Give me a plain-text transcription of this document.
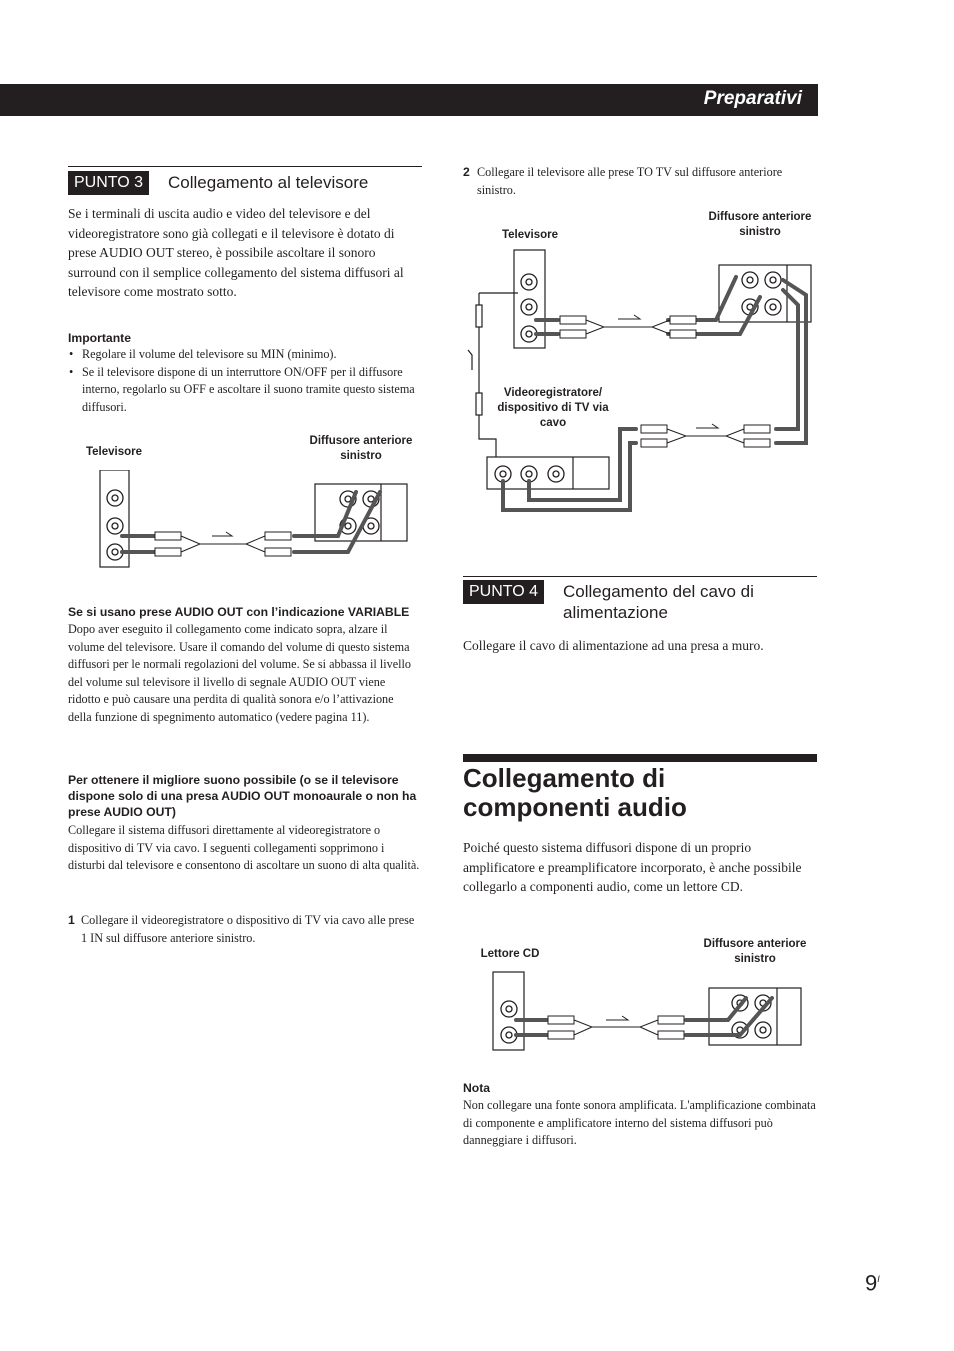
Preparativi
PUNTO 3	Collegamento al televisore
Se i terminali di uscita audio e video del televisore e del videoregistratore sono già collegati e il televisore è dotato di prese AUDIO OUT stereo, è possibile ascoltare il sonoro surround con il semplice collegamento del sistema diffusori al televisore come mostrato sotto.
Importante
• Regolare il volume del televisore su MIN (minimo).
• Se il televisore dispone di un interruttore ON/OFF per il diffusore interno, regolarlo su OFF e ascoltare il suono tramite questo sistema diffusori.
Televisore
Diffusore anteriore sinistro
Se si usano prese AUDIO OUT con l’indicazione VARIABLE
Dopo aver eseguito il collegamento come indicato sopra, alzare il volume del televisore. Usare il comando del volume di questo sistema diffusori per le normali regolazioni del volume. Se si abbassa il livello del volume sul televisore il livello di segnale AUDIO OUT viene ridotto e può causare una perdita di qualità sonora e/o l’attivazione della funzione di spegnimento automatico (vedere pagina 11).
Per ottenere il migliore suono possibile (o se il televisore dispone solo di una presa AUDIO OUT monoaurale o non ha prese AUDIO OUT)
Collegare il sistema diffusori direttamente al videoregistratore o dispositivo di TV via cavo. I seguenti collegamenti sopprimono i disturbi dal televisore e consentono di ascoltare un suono di alta qualità.
1 Collegare il videoregistratore o dispositivo di TV via cavo alle prese 1 IN sul diffusore anteriore sinistro.
2 Collegare il televisore alle prese TO TV sul diffusore anteriore sinistro.
Televisore
Diffusore anteriore sinistro
Videoregistratore/ dispositivo di TV via cavo
PUNTO 4	Collegamento del cavo di alimentazione
Collegare il cavo di alimentazione ad una presa a muro.
Collegamento di componenti audio
Poiché questo sistema diffusori dispone di un proprio amplificatore e preamplificatore incorporato, è anche possibile collegarlo a componenti audio, come un lettore CD.
Lettore CD
Diffusore anteriore sinistro
Nota
Non collegare una fonte sonora amplificata. L'amplificazione combinata di componente e amplificatore interno del sistema diffusori può danneggiare i diffusori.
$9^I$
